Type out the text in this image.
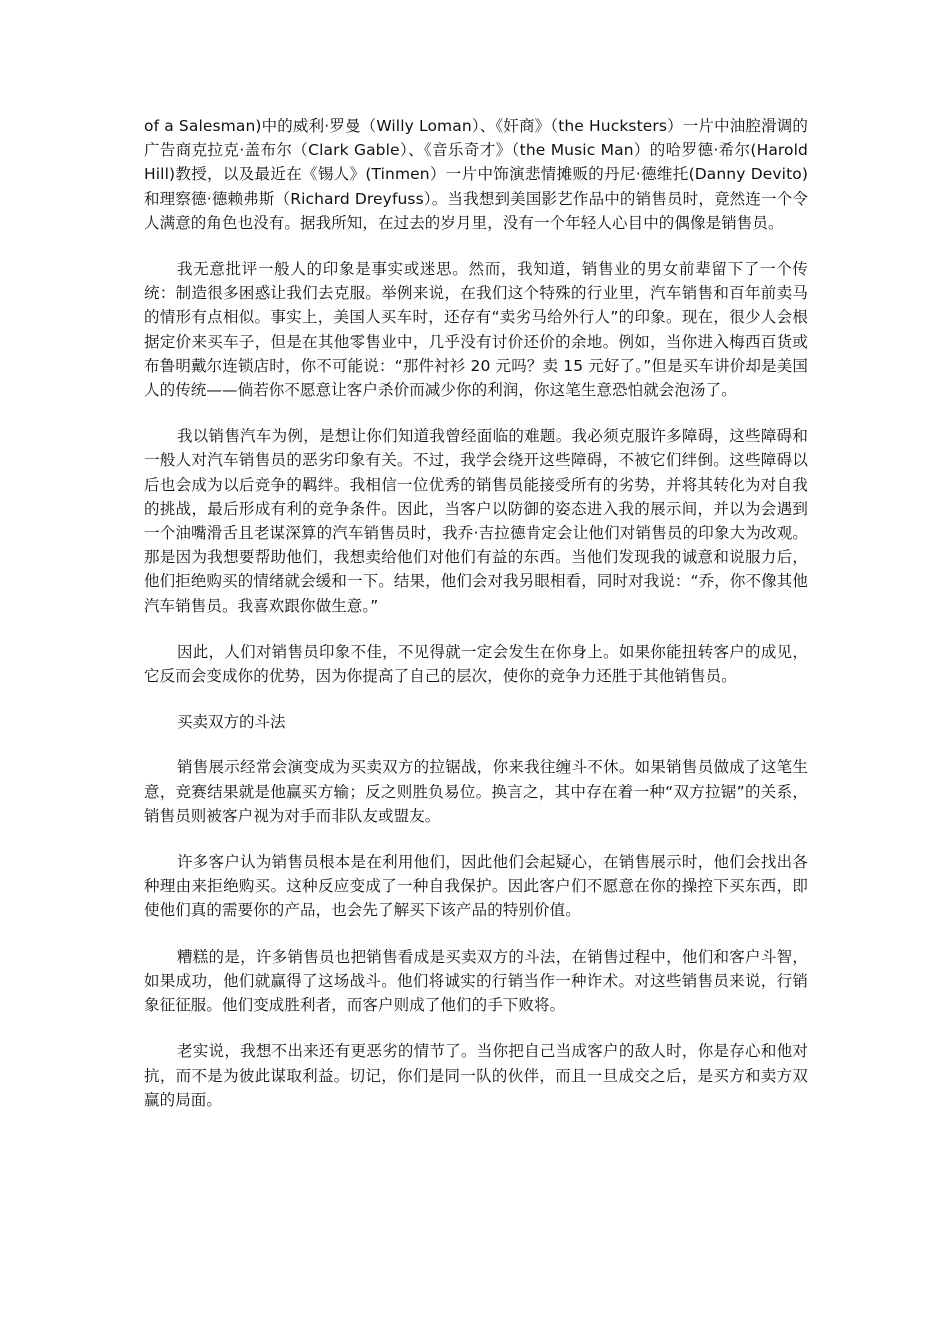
of a Salesman)中的威利·罗曼（Willy Loman）、《奸商》（the Hucksters）一片中油腔滑调的广告商克拉克·盖布尔（Clark Gable）、《音乐奇才》（the Music Man）的哈罗德·希尔(Harold Hill)教授，以及最近在《锡人》(Tinmen）一片中饰演悲情摊贩的丹尼·德维托(Danny Devito)和理察德·德赖弗斯（Richard Dreyfuss）。当我想到美国影艺作品中的销售员时，竟然连一个令人满意的角色也没有。据我所知，在过去的岁月里，没有一个年轻人心目中的偶像是销售员。

我无意批评一般人的印象是事实或迷思。然而，我知道，销售业的男女前辈留下了一个传统：制造很多困惑让我们去克服。举例来说，在我们这个特殊的行业里，汽车销售和百年前卖马的情形有点相似。事实上，美国人买车时，还存有“卖劣马给外行人”的印象。现在，很少人会根据定价来买车子，但是在其他零售业中，几乎没有讨价还价的余地。例如，当你进入梅西百货或布鲁明戴尔连锁店时，你不可能说：“那件衬衫 20 元吗？卖 15 元好了。”但是买车讲价却是美国人的传统——倘若你不愿意让客户杀价而减少你的利润，你这笔生意恐怕就会泡汤了。

我以销售汽车为例，是想让你们知道我曾经面临的难题。我必须克服许多障碍，这些障碍和一般人对汽车销售员的恶劣印象有关。不过，我学会绕开这些障碍，不被它们绊倒。这些障碍以后也会成为以后竞争的羁绊。我相信一位优秀的销售员能接受所有的劣势，并将其转化为对自我的挑战，最后形成有利的竞争条件。因此，当客户以防御的姿态进入我的展示间，并以为会遇到一个油嘴滑舌且老谋深算的汽车销售员时，我乔·吉拉德肯定会让他们对销售员的印象大为改观。那是因为我想要帮助他们，我想卖给他们对他们有益的东西。当他们发现我的诚意和说服力后，他们拒绝购买的情绪就会缓和一下。结果，他们会对我另眼相看，同时对我说：“乔，你不像其他汽车销售员。我喜欢跟你做生意。”

因此，人们对销售员印象不佳，不见得就一定会发生在你身上。如果你能扭转客户的成见，它反而会变成你的优势，因为你提高了自己的层次，使你的竞争力还胜于其他销售员。

买卖双方的斗法

销售展示经常会演变成为买卖双方的拉锯战，你来我往缠斗不休。如果销售员做成了这笔生意，竞赛结果就是他赢买方输；反之则胜负易位。换言之，其中存在着一种“双方拉锯”的关系，销售员则被客户视为对手而非队友或盟友。

许多客户认为销售员根本是在利用他们，因此他们会起疑心，在销售展示时，他们会找出各种理由来拒绝购买。这种反应变成了一种自我保护。因此客户们不愿意在你的操控下买东西，即使他们真的需要你的产品，也会先了解买下该产品的特别价值。

糟糕的是，许多销售员也把销售看成是买卖双方的斗法，在销售过程中，他们和客户斗智，如果成功，他们就赢得了这场战斗。他们将诚实的行销当作一种诈术。对这些销售员来说，行销象征征服。他们变成胜利者，而客户则成了他们的手下败将。

老实说，我想不出来还有更恶劣的情节了。当你把自己当成客户的敌人时，你是存心和他对抗，而不是为彼此谋取利益。切记，你们是同一队的伙伴，而且一旦成交之后，是买方和卖方双赢的局面。
